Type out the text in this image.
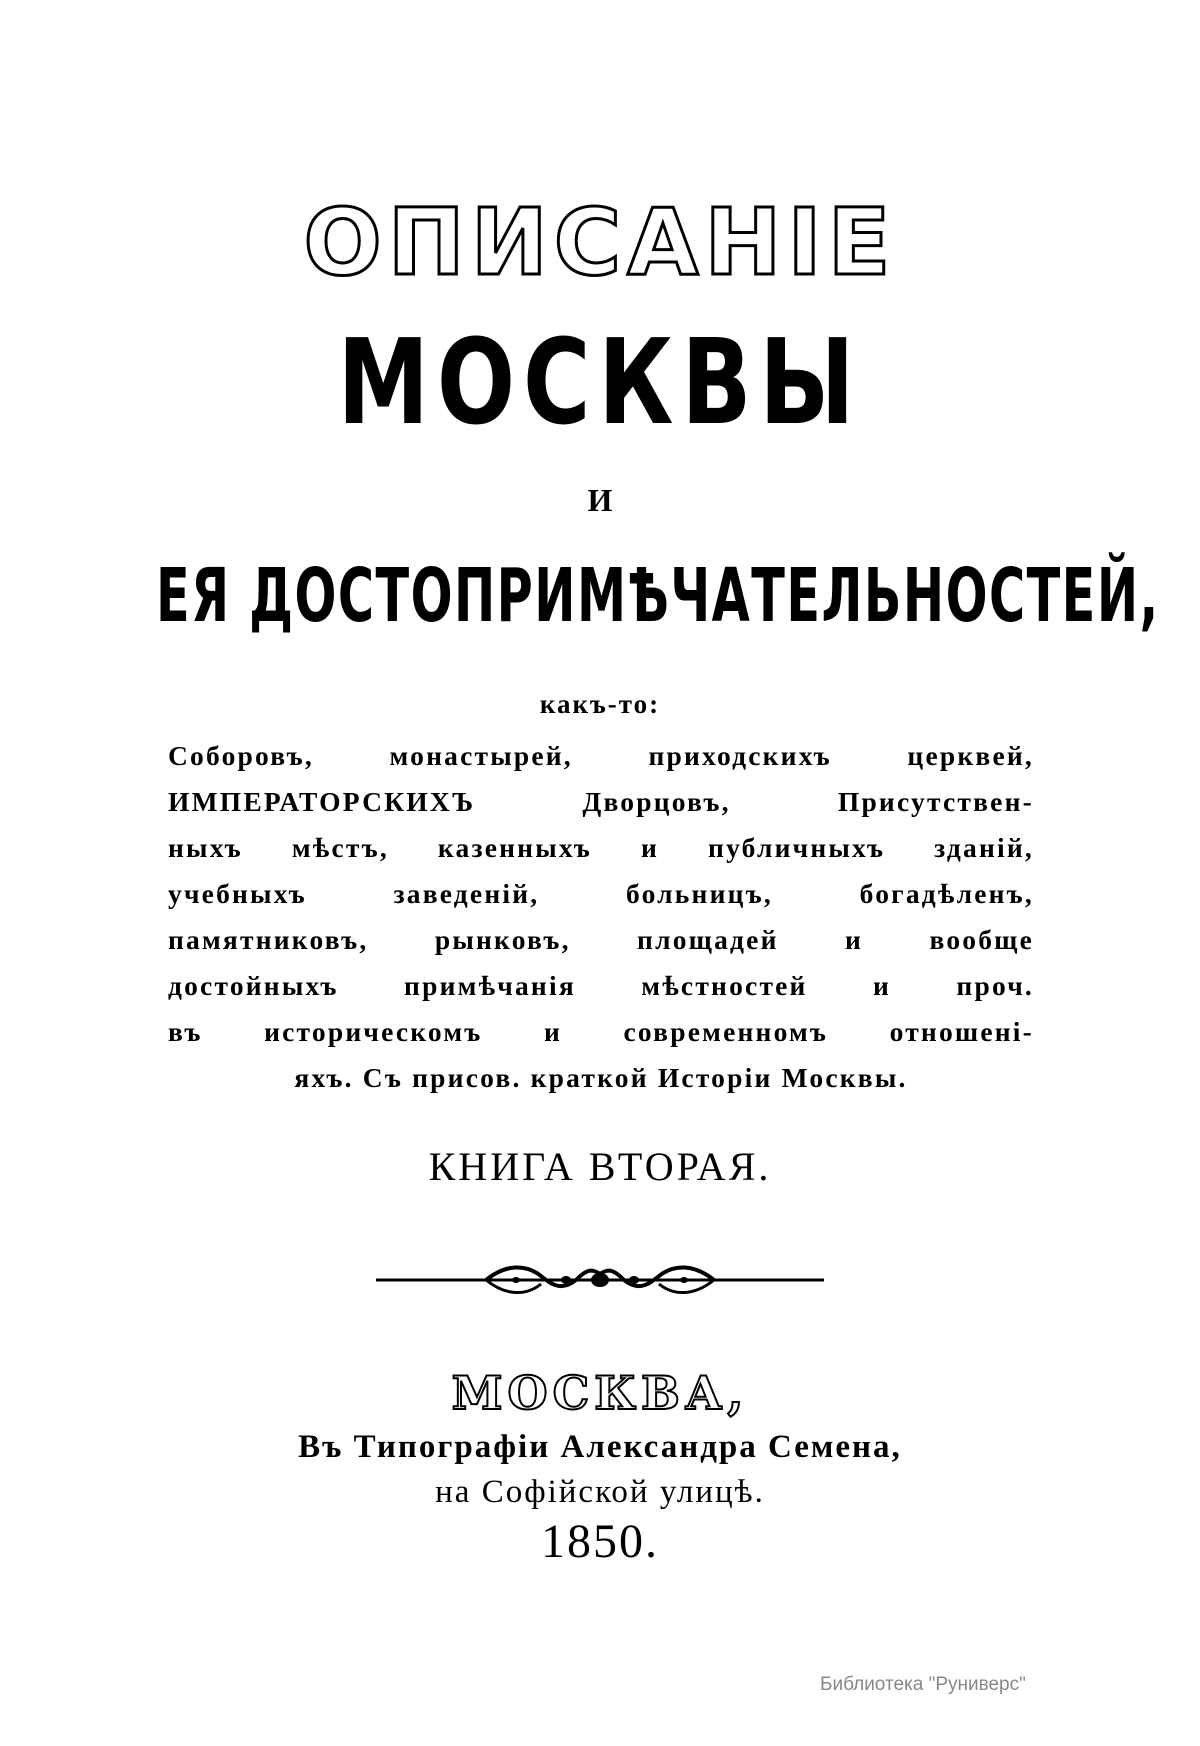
ОПИСАНІЕ
МОСКВЫ
И
ЕЯ ДОСТОПРИМѢЧАТЕЛЬНОСТЕЙ,
какъ-то:
Соборовъ, монастырей, приходскихъ церквей,
ИМПЕРАТОРСКИХЪ Дворцовъ, Присутствен-
ныхъ мѣстъ, казенныхъ и публичныхъ зданій,
учебныхъ заведеній, больницъ, богадѣленъ,
памятниковъ, рынковъ, площадей и вообще
достойныхъ примѣчанія мѣстностей и проч.
въ историческомъ и современномъ отношені-
яхъ. Съ присов. краткой Исторіи Москвы.
КНИГА ВТОРАЯ.
МОСКВА,
Въ Типографіи Александра Семена,
на Софійской улицѣ.
1850.
Библиотека "Руниверс"
